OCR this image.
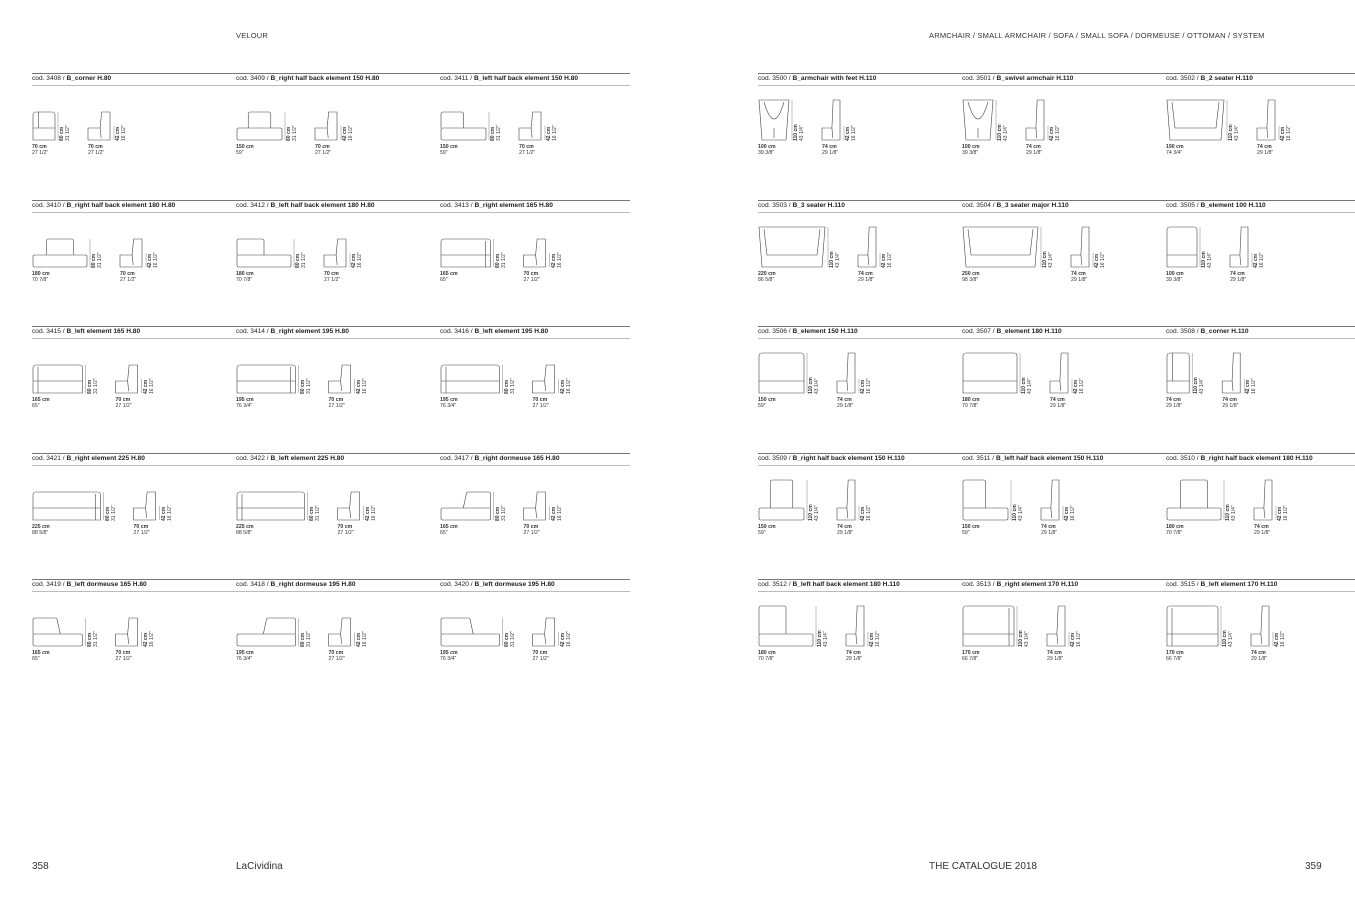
VELOUR
cod. 3408 / B_corner H.80
80 cm 31 1/2"	42 cm 16 1/2"
70 cm
27 1/2"
70 cm
27 1/2"
cod. 3409 / B_right half back element 150 H.80
80 cm 31 1/2"	42 cm 16 1/2"
150 cm
59"
70 cm
27 1/2"
cod. 3411 / B_left half back element 150 H.80
80 cm 31 1/2"	42 cm 16 1/2"
150 cm
59"
70 cm
27 1/2"
cod. 3410 / B_right half back element 180 H.80
80 cm 31 1/2"	42 cm 16 1/2"
180 cm
70 7/8"
70 cm
27 1/2"
cod. 3412 / B_left half back element 180 H.80
80 cm 31 1/2"	42 cm 16 1/2"
180 cm
70 7/8"
70 cm
27 1/2"
cod. 3413 / B_right element 165 H.80
80 cm 31 1/2"	42 cm 16 1/2"
165 cm
65"
70 cm
27 1/2"
cod. 3415 / B_left element 165 H.80
80 cm 31 1/2"	42 cm 16 1/2"
165 cm
65"
70 cm
27 1/2"
cod. 3414 / B_right element 195 H.80
80 cm 31 1/2"	42 cm 16 1/2"
195 cm
76 3/4"
70 cm
27 1/2"
cod. 3416 / B_left element 195 H.80
80 cm 31 1/2"	42 cm 16 1/2"
195 cm
76 3/4"
70 cm
27 1/2"
cod. 3421 / B_right element 225 H.80
80 cm 31 1/2"	42 cm 16 1/2"
225 cm
88 5/8"
70 cm
27 1/2"
cod. 3422 / B_left element 225 H.80
80 cm 31 1/2"	42 cm 16 1/2"
225 cm
88 5/8"
70 cm
27 1/2"
cod. 3417 / B_right dormeuse 165 H.80
80 cm 31 1/2"	42 cm 16 1/2"
165 cm
65"
70 cm
27 1/2"
cod. 3419 / B_left dormeuse 165 H.80
80 cm 31 1/2"	42 cm 16 1/2"
165 cm
65"
70 cm
27 1/2"
cod. 3418 / B_right dormeuse 195 H.80
80 cm 31 1/2"	42 cm 16 1/2"
195 cm
76 3/4"
70 cm
27 1/2"
cod. 3420 / B_left dormeuse 195 H.80
80 cm 31 1/2"	42 cm 16 1/2"
195 cm
76 3/4"
70 cm
27 1/2"
358	LaCividina
ARMCHAIR / SMALL ARMCHAIR / SOFA / SMALL SOFA / DORMEUSE / OTTOMAN / SYSTEM
cod. 3500 / B_armchair with feet H.110
110 cm 43 1/4"	42 cm 16 1/2"
100 cm
39 3/8"
74 cm
29 1/8"
cod. 3501 / B_swivel armchair H.110
110 cm 43 1/4"	42 cm 16 1/2"
100 cm
39 3/8"
74 cm
29 1/8"
cod. 3502 / B_2 seater H.110
110 cm 43 1/4"	42 cm 16 1/2"
190 cm
74 3/4"
74 cm
29 1/8"
cod. 3503 / B_3 seater H.110
110 cm 43 1/4"	42 cm 16 1/2"
220 cm
86 5/8"
74 cm
29 1/8"
cod. 3504 / B_3 seater major H.110
110 cm 43 1/4"	42 cm 16 1/2"
250 cm
98 3/8"
74 cm
29 1/8"
cod. 3505 / B_element 100 H.110
110 cm 43 1/4"	42 cm 16 1/2"
100 cm
39 3/8"
74 cm
29 1/8"
cod. 3506 / B_element 150 H.110
110 cm 43 1/4"	42 cm 16 1/2"
150 cm
59"
74 cm
29 1/8"
cod. 3507 / B_element 180 H.110
110 cm 43 1/4"	42 cm 16 1/2"
180 cm
70 7/8"
74 cm
29 1/8"
cod. 3508 / B_corner H.110
110 cm 43 1/4"	42 cm 16 1/2"
74 cm
29 1/8"
74 cm
29 1/8"
cod. 3509 / B_right half back element 150 H.110
110 cm 43 1/4"	42 cm 16 1/2"
150 cm
59"
74 cm
29 1/8"
cod. 3511 / B_left half back element 150 H.110
110 cm 43 1/4"	42 cm 16 1/2"
150 cm
59"
74 cm
29 1/8"
cod. 3510 / B_right half back element 180 H.110
110 cm 43 1/4"	42 cm 16 1/2"
180 cm
70 7/8"
74 cm
29 1/8"
cod. 3512 / B_left half back element 180 H.110
110 cm 43 1/4"	42 cm 16 1/2"
180 cm
70 7/8"
74 cm
29 1/8"
cod. 3513 / B_right element 170 H.110
110 cm 43 1/4"	42 cm 16 1/2"
170 cm
66 7/8"
74 cm
29 1/8"
cod. 3515 / B_left element 170 H.110
110 cm 43 1/4"	42 cm 16 1/2"
170 cm
66 7/8"
74 cm
29 1/8"
THE CATALOGUE 2018	359
